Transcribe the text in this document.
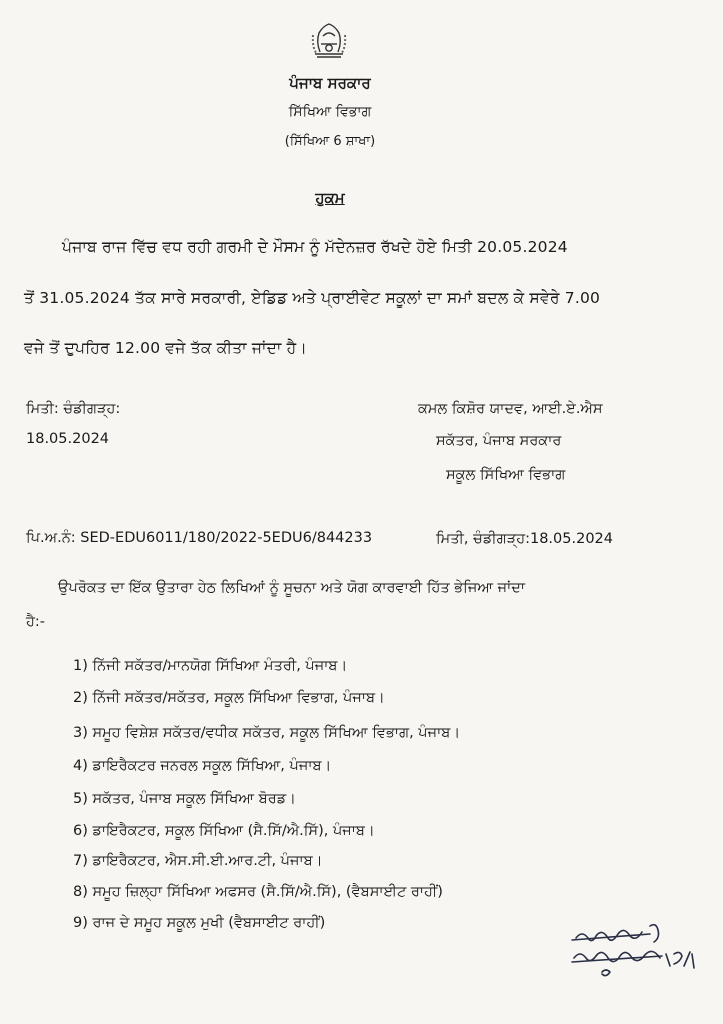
ਪੰਜਾਬ ਸਰਕਾਰ
ਸਿੱਖਿਆ ਵਿਭਾਗ
(ਸਿੱਖਿਆ 6 ਸ਼ਾਖਾ)
ਹੁਕਮ
ਪੰਜਾਬ ਰਾਜ ਵਿੱਚ ਵਧ ਰਹੀ ਗਰਮੀ ਦੇ ਮੌਸਮ ਨੂੰ ਮੱਦੇਨਜ਼ਰ ਰੱਖਦੇ ਹੋਏ ਮਿਤੀ 20.05.2024
ਤੋਂ 31.05.2024 ਤੱਕ ਸਾਰੇ ਸਰਕਾਰੀ, ਏਡਿਡ ਅਤੇ ਪ੍ਰਾਈਵੇਟ ਸਕੂਲਾਂ ਦਾ ਸਮਾਂ ਬਦਲ ਕੇ ਸਵੇਰੇ 7.00
ਵਜੇ ਤੋਂ ਦੁਪਹਿਰ 12.00 ਵਜੇ ਤੱਕ ਕੀਤਾ ਜਾਂਦਾ ਹੈ।
ਮਿਤੀ: ਚੰਡੀਗੜ੍ਹ:
18.05.2024
ਕਮਲ ਕਿਸ਼ੋਰ ਯਾਦਵ, ਆਈ.ਏ.ਐਸ
ਸਕੱਤਰ, ਪੰਜਾਬ ਸਰਕਾਰ
ਸਕੂਲ ਸਿੱਖਿਆ ਵਿਭਾਗ
ਪਿ.ਅ.ਨੰ: SED-EDU6011/180/2022-5EDU6/844233	ਮਿਤੀ, ਚੰਡੀਗੜ੍ਹ:18.05.2024
ਉਪਰੋਕਤ ਦਾ ਇੱਕ ਉਤਾਰਾ ਹੇਠ ਲਿਖਿਆਂ ਨੂੰ ਸੂਚਨਾ ਅਤੇ ਯੋਗ ਕਾਰਵਾਈ ਹਿੱਤ ਭੇਜਿਆ ਜਾਂਦਾ
ਹੈ:-
1) ਨਿੱਜੀ ਸਕੱਤਰ/ਮਾਨਯੋਗ ਸਿੱਖਿਆ ਮੰਤਰੀ, ਪੰਜਾਬ।
2) ਨਿੱਜੀ ਸਕੱਤਰ/ਸਕੱਤਰ, ਸਕੂਲ ਸਿੱਖਿਆ ਵਿਭਾਗ, ਪੰਜਾਬ।
3) ਸਮੂਹ ਵਿਸ਼ੇਸ਼ ਸਕੱਤਰ/ਵਧੀਕ ਸਕੱਤਰ, ਸਕੂਲ ਸਿੱਖਿਆ ਵਿਭਾਗ, ਪੰਜਾਬ।
4) ਡਾਇਰੈਕਟਰ ਜਨਰਲ ਸਕੂਲ ਸਿੱਖਿਆ, ਪੰਜਾਬ।
5) ਸਕੱਤਰ, ਪੰਜਾਬ ਸਕੂਲ ਸਿੱਖਿਆ ਬੋਰਡ।
6) ਡਾਇਰੈਕਟਰ, ਸਕੂਲ ਸਿੱਖਿਆ (ਸੈ.ਸਿੱ/ਐ.ਸਿੱ), ਪੰਜਾਬ।
7) ਡਾਇਰੈਕਟਰ, ਐਸ.ਸੀ.ਈ.ਆਰ.ਟੀ, ਪੰਜਾਬ।
8) ਸਮੂਹ ਜ਼ਿਲ੍ਹਾ ਸਿੱਖਿਆ ਅਫਸਰ (ਸੈ.ਸਿੱ/ਐ.ਸਿੱ), (ਵੈਬਸਾਈਟ ਰਾਹੀਂ)
9) ਰਾਜ ਦੇ ਸਮੂਹ ਸਕੂਲ ਮੁਖੀ (ਵੈਬਸਾਈਟ ਰਾਹੀਂ)
